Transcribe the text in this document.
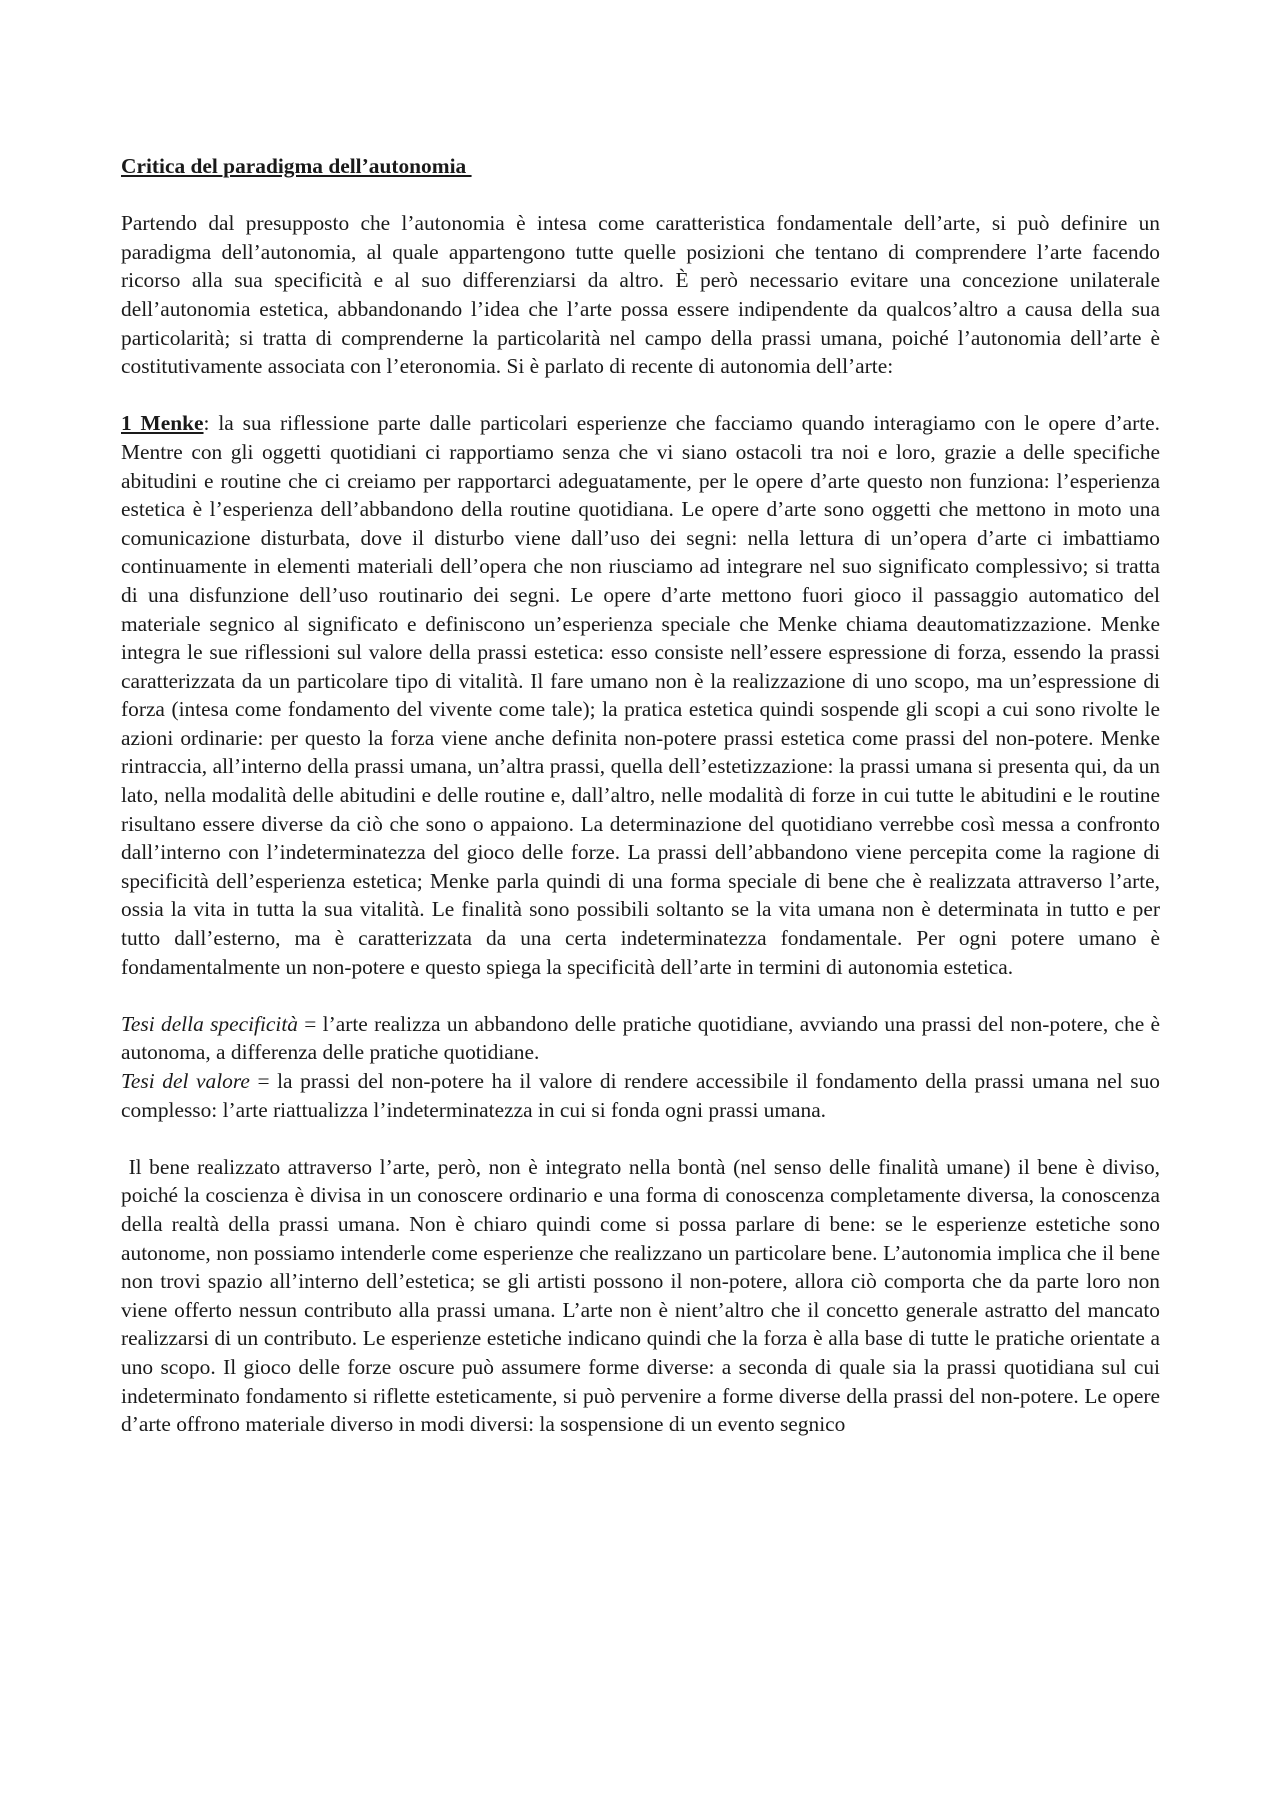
Critica del paradigma dell’autonomia

Partendo dal presupposto che l’autonomia è intesa come caratteristica fondamentale dell’arte, si può definire un paradigma dell’autonomia, al quale appartengono tutte quelle posizioni che tentano di comprendere l’arte facendo ricorso alla sua specificità e al suo differenziarsi da altro. È però necessario evitare una concezione unilaterale dell’autonomia estetica, abbandonando l’idea che l’arte possa essere indipendente da qualcos’altro a causa della sua particolarità; si tratta di comprenderne la particolarità nel campo della prassi umana, poiché l’autonomia dell’arte è costitutivamente associata con l’eteronomia. Si è parlato di recente di autonomia dell’arte:

1 Menke: la sua riflessione parte dalle particolari esperienze che facciamo quando interagiamo con le opere d’arte. Mentre con gli oggetti quotidiani ci rapportiamo senza che vi siano ostacoli tra noi e loro, grazie a delle specifiche abitudini e routine che ci creiamo per rapportarci adeguatamente, per le opere d’arte questo non funziona: l’esperienza estetica è l’esperienza dell’abbandono della routine quotidiana. Le opere d’arte sono oggetti che mettono in moto una comunicazione disturbata, dove il disturbo viene dall’uso dei segni: nella lettura di un’opera d’arte ci imbattiamo continuamente in elementi materiali dell’opera che non riusciamo ad integrare nel suo significato complessivo; si tratta di una disfunzione dell’uso routinario dei segni. Le opere d’arte mettono fuori gioco il passaggio automatico del materiale segnico al significato e definiscono un’esperienza speciale che Menke chiama deautomatizzazione. Menke integra le sue riflessioni sul valore della prassi estetica: esso consiste nell’essere espressione di forza, essendo la prassi caratterizzata da un particolare tipo di vitalità. Il fare umano non è la realizzazione di uno scopo, ma un’espressione di forza (intesa come fondamento del vivente come tale); la pratica estetica quindi sospende gli scopi a cui sono rivolte le azioni ordinarie: per questo la forza viene anche definita non-potere prassi estetica come prassi del non-potere. Menke rintraccia, all’interno della prassi umana, un’altra prassi, quella dell’estetizzazione: la prassi umana si presenta qui, da un lato, nella modalità delle abitudini e delle routine e, dall’altro, nelle modalità di forze in cui tutte le abitudini e le routine risultano essere diverse da ciò che sono o appaiono. La determinazione del quotidiano verrebbe così messa a confronto dall’interno con l’indeterminatezza del gioco delle forze. La prassi dell’abbandono viene percepita come la ragione di specificità dell’esperienza estetica; Menke parla quindi di una forma speciale di bene che è realizzata attraverso l’arte, ossia la vita in tutta la sua vitalità. Le finalità sono possibili soltanto se la vita umana non è determinata in tutto e per tutto dall’esterno, ma è caratterizzata da una certa indeterminatezza fondamentale. Per ogni potere umano è fondamentalmente un non-potere e questo spiega la specificità dell’arte in termini di autonomia estetica.

Tesi della specificità = l’arte realizza un abbandono delle pratiche quotidiane, avviando una prassi del non-potere, che è autonoma, a differenza delle pratiche quotidiane.

Tesi del valore = la prassi del non-potere ha il valore di rendere accessibile il fondamento della prassi umana nel suo complesso: l’arte riattualizza l’indeterminatezza in cui si fonda ogni prassi umana.

Il bene realizzato attraverso l’arte, però, non è integrato nella bontà (nel senso delle finalità umane) il bene è diviso, poiché la coscienza è divisa in un conoscere ordinario e una forma di conoscenza completamente diversa, la conoscenza della realtà della prassi umana. Non è chiaro quindi come si possa parlare di bene: se le esperienze estetiche sono autonome, non possiamo intenderle come esperienze che realizzano un particolare bene. L’autonomia implica che il bene non trovi spazio all’interno dell’estetica; se gli artisti possono il non-potere, allora ciò comporta che da parte loro non viene offerto nessun contributo alla prassi umana. L’arte non è nient’altro che il concetto generale astratto del mancato realizzarsi di un contributo. Le esperienze estetiche indicano quindi che la forza è alla base di tutte le pratiche orientate a uno scopo. Il gioco delle forze oscure può assumere forme diverse: a seconda di quale sia la prassi quotidiana sul cui indeterminato fondamento si riflette esteticamente, si può pervenire a forme diverse della prassi del non-potere. Le opere d’arte offrono materiale diverso in modi diversi: la sospensione di un evento segnico
